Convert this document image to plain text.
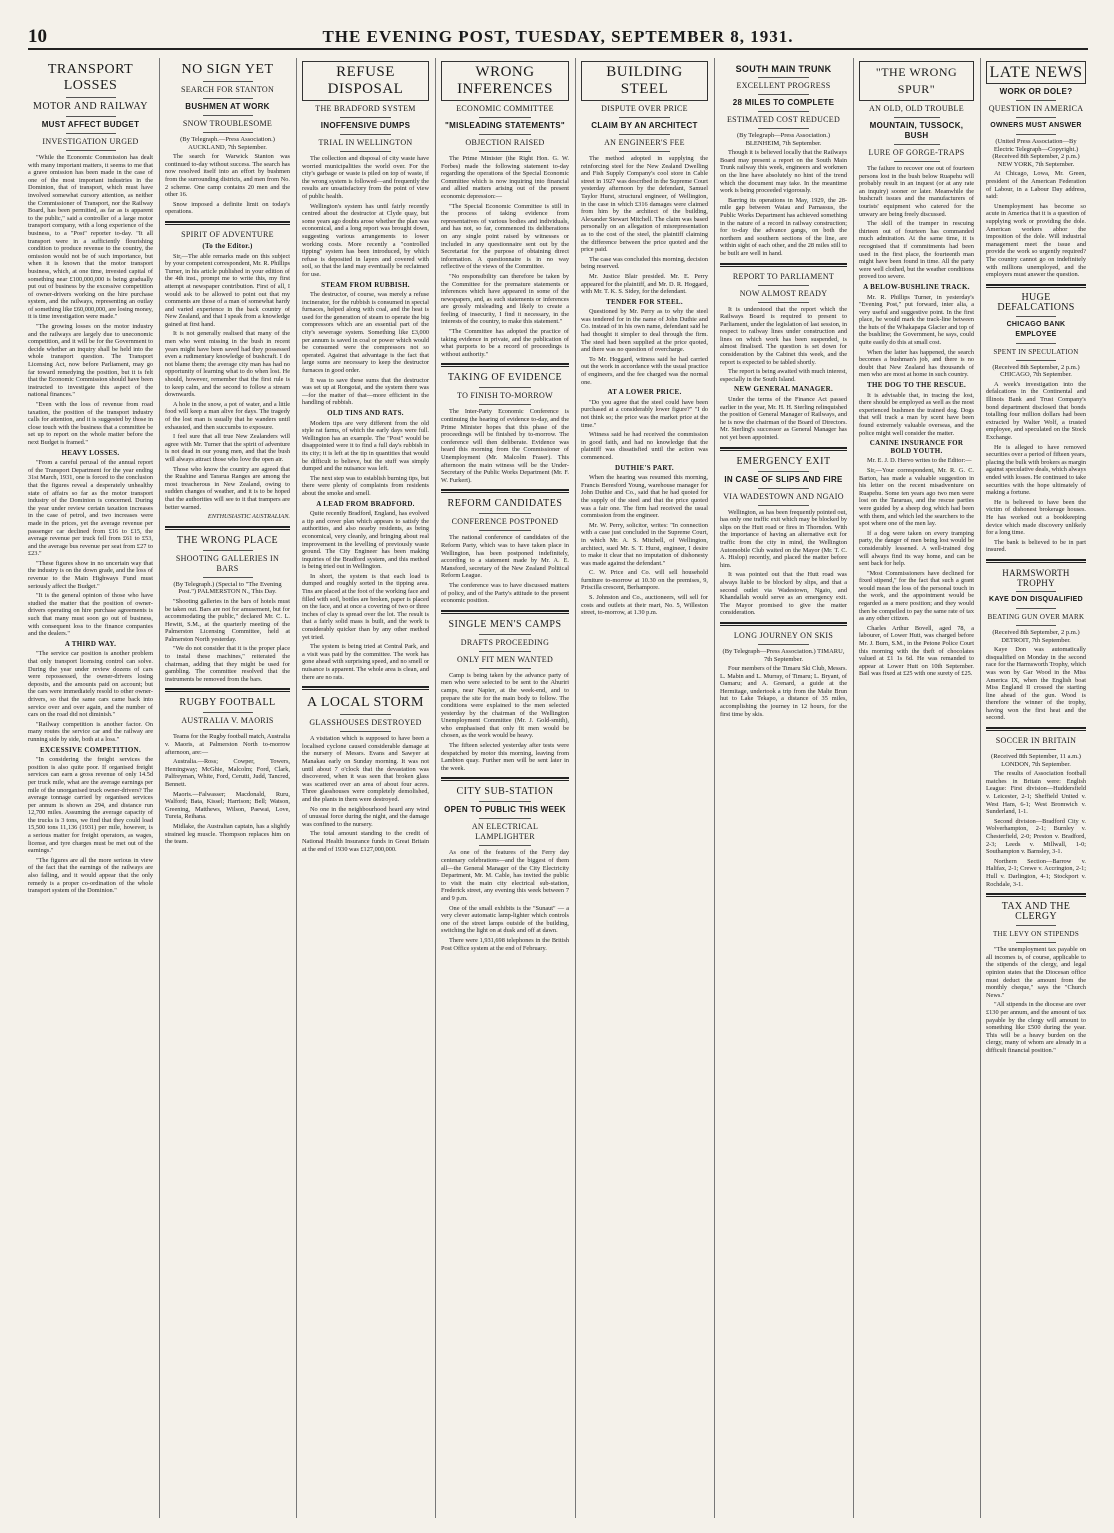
10	THE EVENING POST, TUESDAY, SEPTEMBER 8, 1931.
TRANSPORT LOSSES
MOTOR AND RAILWAY
MUST AFFECT BUDGET
INVESTIGATION URGED

"While the Economic Commission has dealt with many important matters, it seems to me that a grave omission has been made in the case of one of the most important industries in the Dominion, that of transport, which must have involved somewhat cursory attention, as neither the Commissioner of Transport, nor the Railway Board, has been permitted, as far as is apparent to the public," said a controller of a large motor transport company, with a long experience of the business, to a "Post" reporter to-day. "It all transport were in a sufficiently flourishing condition to produce revenue to the country, the omission would not be of such importance, but when it is known that the motor transport business, which, at one time, invested capital of something near £100,000,000 is being gradually put out of business by the excessive competition of owner-drivers working on the hire purchase system, and the railways, representing an outlay of something like £60,000,000, are losing money, it is time investigation were made."

"The growing losses on the motor industry and the railways are largely due to uneconomic competition, and it will be for the Government to decide whether an inquiry shall be held into the whole transport question. The Transport Licensing Act, now before Parliament, may go far toward remedying the position, but it is felt that the Economic Commission should have been instructed to investigate this aspect of the national finances."

"Even with the loss of revenue from road taxation, the position of the transport industry calls for attention, and it is suggested by those in close touch with the business that a committee be set up to report on the whole matter before the next Budget is framed."

HEAVY LOSSES.

"From a careful perusal of the annual report of the Transport Department for the year ending 31st March, 1931, one is forced to the conclusion that the figures reveal a desperately unhealthy state of affairs so far as the motor transport industry of the Dominion is concerned. During the year under review certain taxation increases in the case of petrol, and two increases were made in the prices, yet the average revenue per passenger car declined from £16 to £15, the average revenue per truck fell from £61 to £53, and the average bus revenue per seat from £27 to £23."

"These figures show in no uncertain way that the industry is on the down grade, and the loss of revenue to the Main Highways Fund must seriously affect the Budget."

"It is the general opinion of those who have studied the matter that the position of owner-drivers operating on hire purchase agreements is such that many must soon go out of business, with consequent loss to the finance companies and the dealers."

A THIRD WAY.

"The service car position is another problem that only transport licensing control can solve. During the year under review dozens of cars were repossessed, the owner-drivers losing deposits, and the amounts paid on account; but the cars were immediately resold to other owner-drivers, so that the same cars came back into service over and over again, and the number of cars on the road did not diminish."

"Railway competition is another factor. On many routes the service car and the railway are running side by side, both at a loss."

EXCESSIVE COMPETITION.

"In considering the freight services the position is also quite poor. If organised freight services can earn a gross revenue of only 14.5d per truck mile, what are the average earnings per mile of the unorganised truck owner-drivers? The average tonnage carried by organised services per annum is shown as 294, and distance run 12,700 miles. Assuming the average capacity of the trucks is 3 tons, we find that they could load 15,500 tons 11,136 (1931) per mile, however, is a serious matter for freight operators, as wages, license, and tyre charges must be met out of the earnings."

"The figures are all the more serious in view of the fact that the earnings of the railways are also falling, and it would appear that the only remedy is a proper co-ordination of the whole transport system of the Dominion."

NO SIGN YET
SEARCH FOR STANTON
BUSHMEN AT WORK
SNOW TROUBLESOME
(By Telegraph.—Press Association.) AUCKLAND, 7th September.

The search for Warwick Stanton was continued to-day without success. The search has now resolved itself into an effort by bushmen from the surrounding districts, and men from No. 2 scheme. One camp contains 20 men and the other 16.

Snow imposed a definite limit on today's operations.

SPIRIT OF ADVENTURE
(To the Editor.)

Sir,—The able remarks made on this subject by your competent correspondent, Mr. R. Phillips Turner, in his article published in your edition of the 4th inst., prompt me to write this, my first attempt at newspaper contribution. First of all, I would ask to be allowed to point out that my comments are those of a man of somewhat hardy and varied experience in the back country of New Zealand, and that I speak from a knowledge gained at first hand.

It is not generally realised that many of the men who went missing in the bush in recent years might have been saved had they possessed even a rudimentary knowledge of bushcraft. I do not blame them; the average city man has had no opportunity of learning what to do when lost. He should, however, remember that the first rule is to keep calm, and the second to follow a stream downwards.

A hole in the snow, a pot of water, and a little food will keep a man alive for days. The tragedy of the lost man is usually that he wanders until exhausted, and then succumbs to exposure.

I feel sure that all true New Zealanders will agree with Mr. Turner that the spirit of adventure is not dead in our young men, and that the bush will always attract those who love the open air.

Those who know the country are agreed that the Ruahine and Tararua Ranges are among the most treacherous in New Zealand, owing to sudden changes of weather, and it is to be hoped that the authorities will see to it that trampers are better warned.

ENTHUSIASTIC AUSTRALIAN.
THE WRONG PLACE
SHOOTING GALLERIES IN BARS
(By Telegraph.) (Special to "The Evening Post.") PALMERSTON N., This Day.

"Shooting galleries in the bars of hotels must be taken out. Bars are not for amusement, but for accommodating the public," declared Mr. C. L. Hewitt, S.M., at the quarterly meeting of the Palmerston Licensing Committee, held at Palmerston North yesterday.

"We do not consider that it is the proper place to instal these machines," reiterated the chairman, adding that they might be used for gambling. The committee resolved that the instruments be removed from the bars.

RUGBY FOOTBALL
AUSTRALIA V. MAORIS

Teams for the Rugby football match, Australia v. Maoris, at Palmerston North to-morrow afternoon, are:—

Australia.—Ross; Cowper, Towers, Hemingway; McGhie, Malcolm; Ford, Clark, Palfreyman, White, Ford, Cerutti, Judd, Tancred, Bennett.

Maoris.—Falwasser; Macdonald, Ruru, Walford; Bata, Kissel; Harrison; Bell; Watson, Greening, Matthews, Wilson, Paewai, Love, Tureia, Reihana.

Midlake, the Australian captain, has a slightly strained leg muscle. Thompson replaces him on the team.

REFUSE DISPOSAL
THE BRADFORD SYSTEM
INOFFENSIVE DUMPS
TRIAL IN WELLINGTON

The collection and disposal of city waste have worried municipalities the world over. For the city's garbage or waste is piled on top of waste, if the wrong system is followed—and frequently the results are unsatisfactory from the point of view of public health.

Wellington's system has until fairly recently centred about the destructor at Clyde quay, but some years ago doubts arose whether the plan was economical, and a long report was brought down, suggesting various arrangements to lower working costs. More recently a "controlled tipping" system has been introduced, by which refuse is deposited in layers and covered with soil, so that the land may eventually be reclaimed for use.

STEAM FROM RUBBISH.

The destructor, of course, was merely a refuse incinerator, for the rubbish is consumed in special furnaces, helped along with coal, and the heat is used for the generation of steam to operate the big compressors which are an essential part of the city's sewerage system. Something like £3,000 per annum is saved in coal or power which would be consumed were the compressors not so operated. Against that advantage is the fact that large sums are necessary to keep the destructor furnaces in good order.

It was to save these sums that the destructor was set up at Rongotai, and the system there was—for the matter of that—more efficient in the handling of rubbish.

OLD TINS AND RATS.

Modern tips are very different from the old style rat farms, of which the early days were full. Wellington has an example. The "Post" would be disappointed were it to find a full day's rubbish in its city; it is left at the tip in quantities that would be difficult to believe, but the stuff was simply dumped and the nuisance was left.

The next step was to establish burning tips, but there were plenty of complaints from residents about the smoke and smell.

A LEAD FROM BRADFORD.

Quite recently Bradford, England, has evolved a tip and cover plan which appears to satisfy the authorities, and also nearby residents, as being economical, very cleanly, and bringing about real improvement in the levelling of previously waste ground. The City Engineer has been making inquiries of the Bradford system, and this method is being tried out in Wellington.

In short, the system is that each load is dumped and roughly sorted in the tipping area. Tins are placed at the foot of the working face and filled with soil, bottles are broken, paper is placed on the face, and at once a covering of two or three inches of clay is spread over the lot. The result is that a fairly solid mass is built, and the work is considerably quicker than by any other method yet tried.

The system is being tried at Central Park, and a visit was paid by the committee. The work has gone ahead with surprising speed, and no smell or nuisance is apparent. The whole area is clean, and there are no rats.

A LOCAL STORM
GLASSHOUSES DESTROYED

A visitation which is supposed to have been a localised cyclone caused considerable damage at the nursery of Messrs. Evans and Sawyer at Manakau early on Sunday morning. It was not until about 7 o'clock that the devastation was discovered, when it was seen that broken glass was scattered over an area of about four acres. Three glasshouses were completely demolished, and the plants in them were destroyed.

No one in the neighbourhood heard any wind of unusual force during the night, and the damage was confined to the nursery.

The total amount standing to the credit of National Health Insurance funds in Great Britain at the end of 1930 was £127,000,000.

WRONG INFERENCES
ECONOMIC COMMITTEE
"MISLEADING STATEMENTS"
OBJECTION RAISED

The Prime Minister (the Right Hon. G. W. Forbes) made the following statement to-day regarding the operations of the Special Economic Committee which is now inquiring into financial and allied matters arising out of the present economic depression:—

"The Special Economic Committee is still in the process of taking evidence from representatives of various bodies and individuals, and has not, so far, commenced its deliberations on any single point raised by witnesses or included in any questionnaire sent out by the Secretariat for the purpose of obtaining direct information. A questionnaire is in no way reflective of the views of the Committee.

"No responsibility can therefore be taken by the Committee for the premature statements or inferences which have appeared in some of the newspapers, and, as such statements or inferences are grossly misleading and likely to create a feeling of insecurity, I find it necessary, in the interests of the country, to make this statement."

"The Committee has adopted the practice of taking evidence in private, and the publication of what purports to be a record of proceedings is without authority."

TAKING OF EVIDENCE
TO FINISH TO-MORROW

The Inter-Party Economic Conference is continuing the hearing of evidence to-day, and the Prime Minister hopes that this phase of the proceedings will be finished by to-morrow. The conference will then deliberate. Evidence was heard this morning from the Commissioner of Unemployment (Mr. Malcolm Fraser). This afternoon the main witness will be the Under-Secretary of the Public Works Department (Mr. F. W. Furkert).

REFORM CANDIDATES
CONFERENCE POSTPONED

The national conference of candidates of the Reform Party, which was to have taken place in Wellington, has been postponed indefinitely, according to a statement made by Mr. A. E. Mansford, secretary of the New Zealand Political Reform League.

The conference was to have discussed matters of policy, and of the Party's attitude to the present economic position.

SINGLE MEN'S CAMPS
DRAFTS PROCEEDING
ONLY FIT MEN WANTED

Camp is being taken by the advance party of men who were selected to be sent to the Ahuriri camps, near Napier, at the week-end, and to prepare the site for the main body to follow. The conditions were explained to the men selected yesterday by the chairman of the Wellington Unemployment Committee (Mr. J. Gold-smith), who emphasised that only fit men would be chosen, as the work would be heavy.

The fifteen selected yesterday after tests were despatched by motor this morning, leaving from Lambton quay. Further men will be sent later in the week.

CITY SUB-STATION
OPEN TO PUBLIC THIS WEEK
AN ELECTRICAL LAMPLIGHTER

As one of the features of the Ferry day centenary celebrations—and the biggest of them all—the General Manager of the City Electricity Department, Mr. M. Cable, has invited the public to visit the main city electrical sub-station, Frederick street, any evening this week between 7 and 9 p.m.

One of the small exhibits is the "Sunaut" — a very clever automatic lamp-lighter which controls one of the street lamps outside of the building, switching the light on at dusk and off at dawn.

There were 1,931,698 telephones in the British Post Office system at the end of February.

BUILDING STEEL
DISPUTE OVER PRICE
CLAIM BY AN ARCHITECT
AN ENGINEER'S FEE

The method adopted in supplying the reinforcing steel for the New Zealand Dwelling and Fish Supply Company's cool store in Cable street in 1927 was described in the Supreme Court yesterday afternoon by the defendant, Samuel Taylor Hurst, structural engineer, of Wellington, in the case in which £316 damages were claimed from him by the architect of the building, Alexander Stewart Mitchell. The claim was based personally on an allegation of misrepresentation as to the cost of the steel, the plaintiff claiming the difference between the price quoted and the price paid.

The case was concluded this morning, decision being reserved.

Mr. Justice Blair presided. Mr. E. Perry appeared for the plaintiff, and Mr. D. R. Hoggard, with Mr. T. K. S. Sidey, for the defendant.

TENDER FOR STEEL.

Questioned by Mr. Perry as to why the steel was tendered for in the name of John Duthie and Co. instead of in his own name, defendant said he had thought it simpler to deal through the firm. The steel had been supplied at the price quoted, and there was no question of overcharge.

To Mr. Hoggard, witness said he had carried out the work in accordance with the usual practice of engineers, and the fee charged was the normal one.

AT A LOWER PRICE.

"Do you agree that the steel could have been purchased at a considerably lower figure?" "I do not think so; the price was the market price at the time."

Witness said he had received the commission in good faith, and had no knowledge that the plaintiff was dissatisfied until the action was commenced.

DUTHIE'S PART.

When the hearing was resumed this morning, Francis Beresford Young, warehouse manager for John Duthie and Co., said that he had quoted for the supply of the steel and that the price quoted was a fair one. The firm had received the usual commission from the engineer.

Mr. W. Perry, solicitor, writes: "In connection with a case just concluded in the Supreme Court, in which Mr. A. S. Mitchell, of Wellington, architect, sued Mr. S. T. Hurst, engineer, I desire to make it clear that no imputation of dishonesty was made against the defendant."

C. W. Price and Co. will sell household furniture to-morrow at 10.30 on the premises, 9, Priscilla crescent, Berhampore.

S. Johnston and Co., auctioneers, will sell for costs and outlets at their mart, No. 5, Willeston street, to-morrow, at 1.30 p.m.

SOUTH MAIN TRUNK
EXCELLENT PROGRESS
28 MILES TO COMPLETE
ESTIMATED COST REDUCED
(By Telegraph—Press Association.) BLENHEIM, 7th September.

Though it is believed locally that the Railways Board may present a report on the South Main Trunk railway this week, engineers and workmen on the line have absolutely no hint of the trend which the document may take. In the meantime work is being proceeded vigorously.

Barring its operations in May, 1929, the 28-mile gap between Waiau and Parnassus, the Public Works Department has achieved something in the nature of a record in railway construction; for to-day the advance gangs, on both the northern and southern sections of the line, are within sight of each other, and the 28 miles still to be built are well in hand.

REPORT TO PARLIAMENT
NOW ALMOST READY

It is understood that the report which the Railways Board is required to present to Parliament, under the legislation of last session, in respect to railway lines under construction and lines on which work has been suspended, is almost finalised. The question is set down for consideration by the Cabinet this week, and the report is expected to be tabled shortly.

The report is being awaited with much interest, especially in the South Island.

NEW GENERAL MANAGER.

Under the terms of the Finance Act passed earlier in the year, Mr. H. H. Sterling relinquished the position of General Manager of Railways, and he is now the chairman of the Board of Directors. Mr. Sterling's successor as General Manager has not yet been appointed.

EMERGENCY EXIT
IN CASE OF SLIPS AND FIRE
VIA WADESTOWN AND NGAIO

Wellington, as has been frequently pointed out, has only one traffic exit which may be blocked by slips on the Hutt road or fires in Thorndon. With the importance of having an alternative exit for traffic from the city in mind, the Wellington Automobile Club waited on the Mayor (Mr. T. C. A. Hislop) recently, and placed the matter before him.

It was pointed out that the Hutt road was always liable to be blocked by slips, and that a second outlet via Wadestown, Ngaio, and Khandallah would serve as an emergency exit. The Mayor promised to give the matter consideration.

LONG JOURNEY ON SKIS
(By Telegraph—Press Association.) TIMARU, 7th September.

Four members of the Timaru Ski Club, Messrs. L. Mabin and L. Murray, of Timaru; L. Bryant, of Oamaru; and A. Grenard, a guide at the Hermitage, undertook a trip from the Malte Brun hut to Lake Tekapo, a distance of 35 miles, accomplishing the journey in 12 hours, for the first time by skis.

"THE WRONG SPUR"
AN OLD, OLD TROUBLE
MOUNTAIN, TUSSOCK, BUSH
LURE OF GORGE-TRAPS

The failure to recover one out of fourteen persons lost in the bush below Ruapehu will probably result in an inquest (or at any rate an inquiry) sooner or later. Meanwhile the bushcraft issues and the manufacturers of tourists' equipment who catered for the unwary are being freely discussed.

The skill of the tramper in rescuing thirteen out of fourteen has commanded much admiration. At the same time, it is recognised that if commitments had been used in the first place, the fourteenth man might have been found in time. All the party were well clothed, but the weather conditions proved too severe.

A BELOW-BUSHLINE TRACK.

Mr. R. Phillips Turner, in yesterday's "Evening Post," put forward, inter alia, a very useful and suggestive point. In the first place, he would mark the track-line between the huts of the Whakapapa Glacier and top of the bushline; the Government, he says, could quite easily do this at small cost.

When the latter has happened, the search becomes a bushman's job, and there is no doubt that New Zealand has thousands of men who are most at home in such country.

THE DOG TO THE RESCUE.

It is advisable that, in tracing the lost, there should be employed as well as the most experienced bushmen the trained dog. Dogs that will track a man by scent have been found extremely valuable overseas, and the police might well consider the matter.

CANINE INSURANCE FOR BOLD YOUTH.

Mr. E. J. D. Hervo writes to the Editor:—

Sir,—Your correspondent, Mr. R. G. C. Barton, has made a valuable suggestion in his letter on the recent misadventure on Ruapehu. Some ten years ago two men were lost on the Tararuas, and the rescue parties were guided by a sheep dog which had been with them, and which led the searchers to the spot where one of the men lay.

If a dog were taken on every tramping party, the danger of men being lost would be considerably lessened. A well-trained dog will always find its way home, and can be sent back for help.

"Most Commissioners have declined for fixed stipend," for the fact that such a grant would mean the loss of the personal touch in the work, and the appointment would be regarded as a mere position; and they would then be compelled to pay the same rate of tax as any other citizen.

Charles Arthur Bovell, aged 78, a labourer, of Lower Hutt, was charged before Mr. J. Burn, S.M., in the Petone Police Court this morning with the theft of chocolates valued at £1 1s 6d. He was remanded to appear at Lower Hutt on 10th September. Bail was fixed at £25 with one surety of £25.

LATE NEWS
WORK OR DOLE?
QUESTION IN AMERICA
OWNERS MUST ANSWER
(United Press Association—By Electric Telegraph—Copyright.) (Received 8th September, 2 p.m.) NEW YORK, 7th September.

At Chicago, Lowa, Mr. Green, president of the American Federation of Labour, in a Labour Day address, said:

Unemployment has become so acute in America that it is a question of supplying work or providing the dole. American workers abhor the imposition of the dole. Will industrial management meet the issue and provide the work so urgently required? The country cannot go on indefinitely with millions unemployed, and the employers must answer the question.

HUGE DEFALCATIONS
CHICAGO BANK EMPLOYEE
SPENT IN SPECULATION
(Received 8th September, 2 p.m.) CHICAGO, 7th September.

A week's investigation into the defalcations in the Continental and Illinois Bank and Trust Company's bond department disclosed that bonds totalling four million dollars had been extracted by Walter Wolf, a trusted employee, and speculated on the Stock Exchange.

He is alleged to have removed securities over a period of fifteen years, placing the bulk with brokers as margin against speculative deals, which always ended with losses. He continued to take securities with the hope ultimately of making a fortune.

He is believed to have been the victim of dishonest brokerage houses. He has worked out a bookkeeping device which made discovery unlikely for a long time.

The bank is believed to be in part insured.

HARMSWORTH TROPHY
KAYE DON DISQUALIFIED
BEATING GUN OVER MARK
(Received 8th September, 2 p.m.) DETROIT, 7th September.

Kaye Don was automatically disqualified on Monday in the second race for the Harmsworth Trophy, which was won by Gar Wood in the Miss America IX, when the English boat Miss England II crossed the starting line ahead of the gun. Wood is therefore the winner of the trophy, having won the first heat and the second.

SOCCER IN BRITAIN
(Received 8th September, 11 a.m.) LONDON, 7th September.

The results of Association football matches in Britain were: English League: First division—Huddersfield v. Leicester, 2-1; Sheffield United v. West Ham, 6-1; West Bromwich v. Sunderland, 1-1.

Second division—Bradford City v. Wolverhampton, 2-1; Burnley v. Chesterfield, 2-0; Preston v. Bradford, 2-3; Leeds v. Millwall, 1-0; Southampton v. Barnsley, 3-1.

Northern Section—Barrow v. Halifax, 2-1; Crewe v. Accrington, 2-1; Hull v. Darlington, 4-1; Stockport v. Rochdale, 3-1.

TAX AND THE CLERGY
THE LEVY ON STIPENDS

"The unemployment tax payable on all incomes is, of course, applicable to the stipends of the clergy, and legal opinion states that the Diocesan office must deduct the amount from the monthly cheque," says the "Church News."

"All stipends in the diocese are over £130 per annum, and the amount of tax payable by the clergy will amount to something like £500 during the year. This will be a heavy burden on the clergy, many of whom are already in a difficult financial position."
